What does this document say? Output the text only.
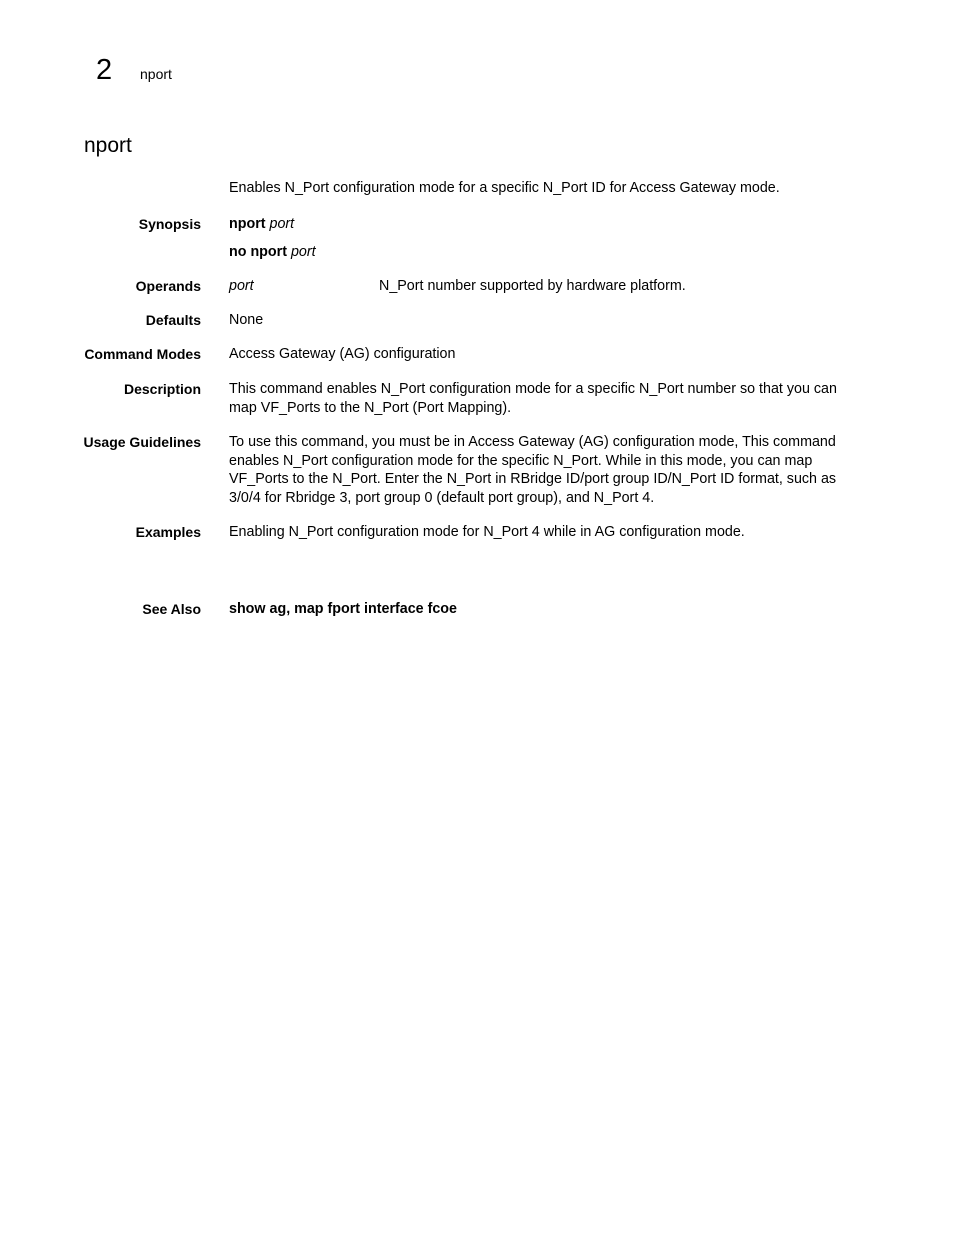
2 nport
nport
Enables N_Port configuration mode for a specific N_Port ID for Access Gateway mode.
Synopsis nport port
no nport port
Operands port	N_Port number supported by hardware platform.
Defaults None
Command Modes Access Gateway (AG) configuration
Description This command enables N_Port configuration mode for a specific N_Port number so that you can map VF_Ports to the N_Port (Port Mapping).
Usage Guidelines To use this command, you must be in Access Gateway (AG) configuration mode, This command enables N_Port configuration mode for the specific N_Port. While in this mode, you can map VF_Ports to the N_Port. Enter the N_Port in RBridge ID/port group ID/N_Port ID format, such as 3/0/4 for Rbridge 3, port group 0 (default port group), and N_Port 4.
Examples Enabling N_Port configuration mode for N_Port 4 while in AG configuration mode.
See Also show ag, map fport interface fcoe
